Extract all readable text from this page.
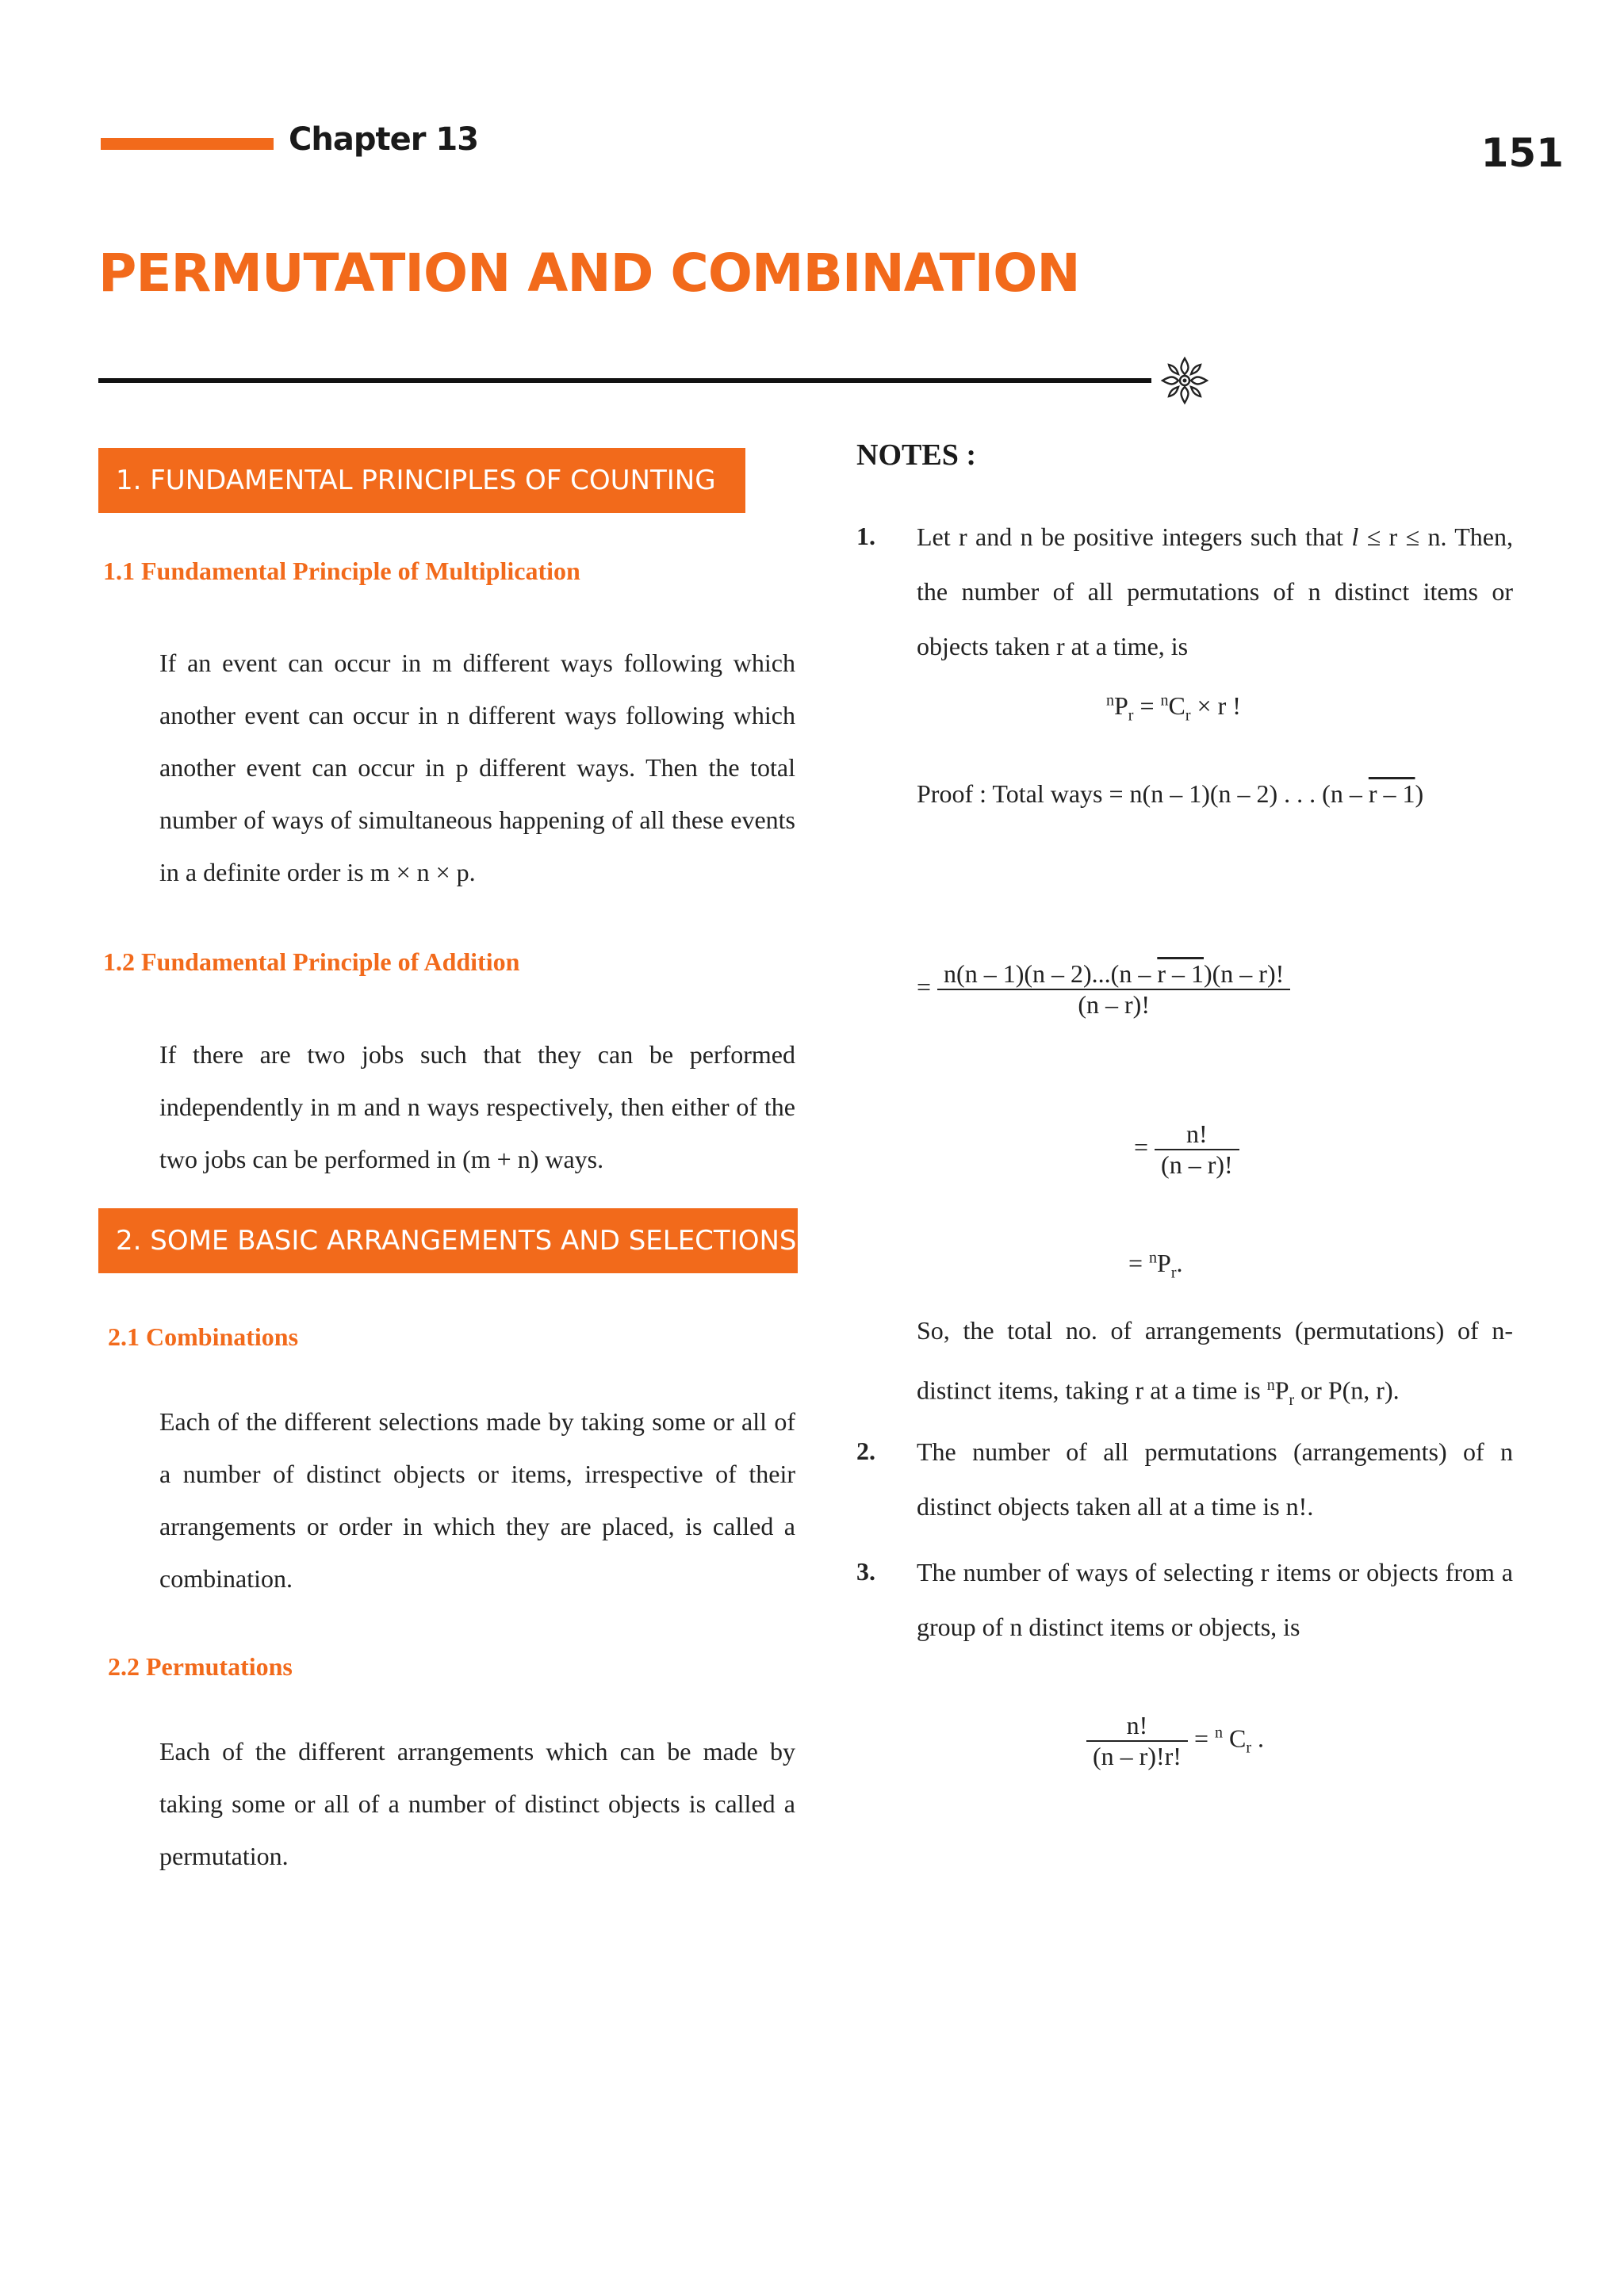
Chapter 13	151
PERMUTATION AND COMBINATION
1. FUNDAMENTAL PRINCIPLES OF COUNTING
1.1 Fundamental Principle of Multiplication
If an event can occur in m different ways following which another event can occur in n different ways following which another event can occur in p different ways. Then the total number of ways of simultaneous happening of all these events in a definite order is m × n × p.
1.2 Fundamental Principle of Addition
If there are two jobs such that they can be performed independently in m and n ways respectively, then either of the two jobs can be performed in (m + n) ways.
2. SOME BASIC ARRANGEMENTS AND SELECTIONS
2.1 Combinations
Each of the different selections made by taking some or all of a number of distinct objects or items, irrespective of their arrangements or order in which they are placed, is called a combination.
2.2 Permutations
Each of the different arrangements which can be made by taking some or all of a number of distinct objects is called a permutation.
NOTES :
1. Let r and n be positive integers such that l ≤ r ≤ n. Then, the number of all permutations of n distinct items or objects taken r at a time, is
$^nP_r = ^nC_r \times r$ !
Proof : Total ways = n(n – 1)(n – 2) . . . (n – r – 1)
= $\frac{n(n - 1)(n - 2)...(n - r - 1)(n - r)!}{(n - r)!}$
= $\frac{n!}{(n - r)!}$
= $^nP_r$.
So, the total no. of arrangements (permutations) of n-distinct items, taking r at a time is $^nP_r$ or P(n, r).
2. The number of all permutations (arrangements) of n distinct objects taken all at a time is n!.
3. The number of ways of selecting r items or objects from a group of n distinct items or objects, is
$\frac{n!}{(n - r)!r!} = ^n$ $C_r$ .
